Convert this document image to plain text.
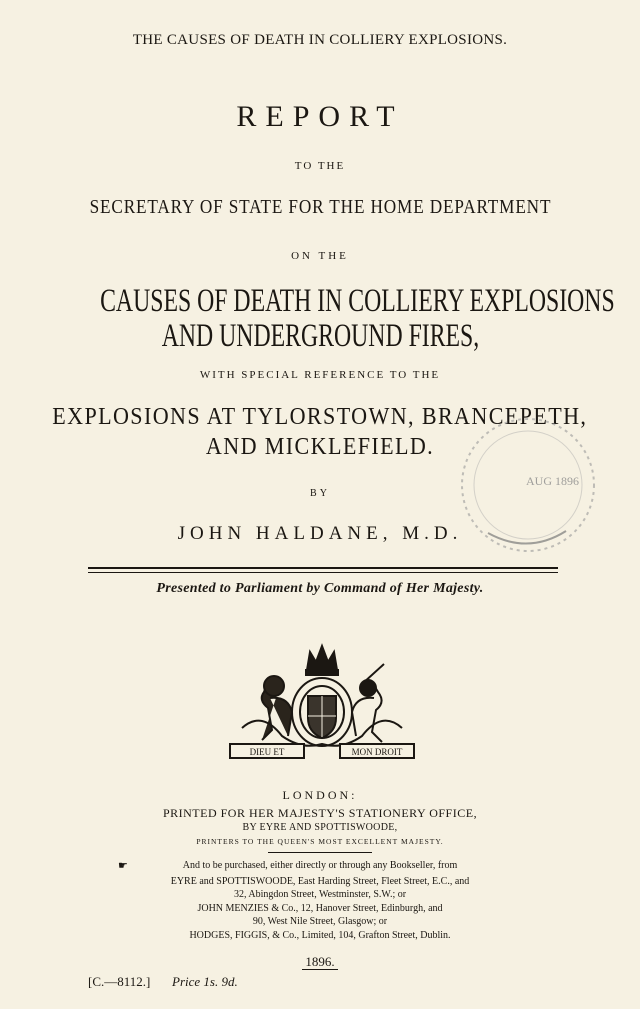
THE CAUSES OF DEATH IN COLLIERY EXPLOSIONS.
REPORT
TO THE
SECRETARY OF STATE FOR THE HOME DEPARTMENT
ON THE
CAUSES OF DEATH IN COLLIERY EXPLOSIONS
AND UNDERGROUND FIRES,
WITH SPECIAL REFERENCE TO THE
EXPLOSIONS AT TYLORSTOWN, BRANCEPETH,
AND MICKLEFIELD.
BY
JOHN HALDANE, M.D.
AUG 1896
Presented to Parliament by Command of Her Majesty.
DIEU ET	MON DROIT
LONDON:
PRINTED FOR HER MAJESTY'S STATIONERY OFFICE,
BY EYRE AND SPOTTISWOODE,
PRINTERS TO THE QUEEN'S MOST EXCELLENT MAJESTY.
☛	And to be purchased, either directly or through any Bookseller, from
EYRE and SPOTTISWOODE, East Harding Street, Fleet Street, E.C., and
32, Abingdon Street, Westminster, S.W.; or
JOHN MENZIES & Co., 12, Hanover Street, Edinburgh, and
90, West Nile Street, Glasgow; or
HODGES, FIGGIS, & Co., Limited, 104, Grafton Street, Dublin.
1896.
[C.—8112.] Price 1s. 9d.
